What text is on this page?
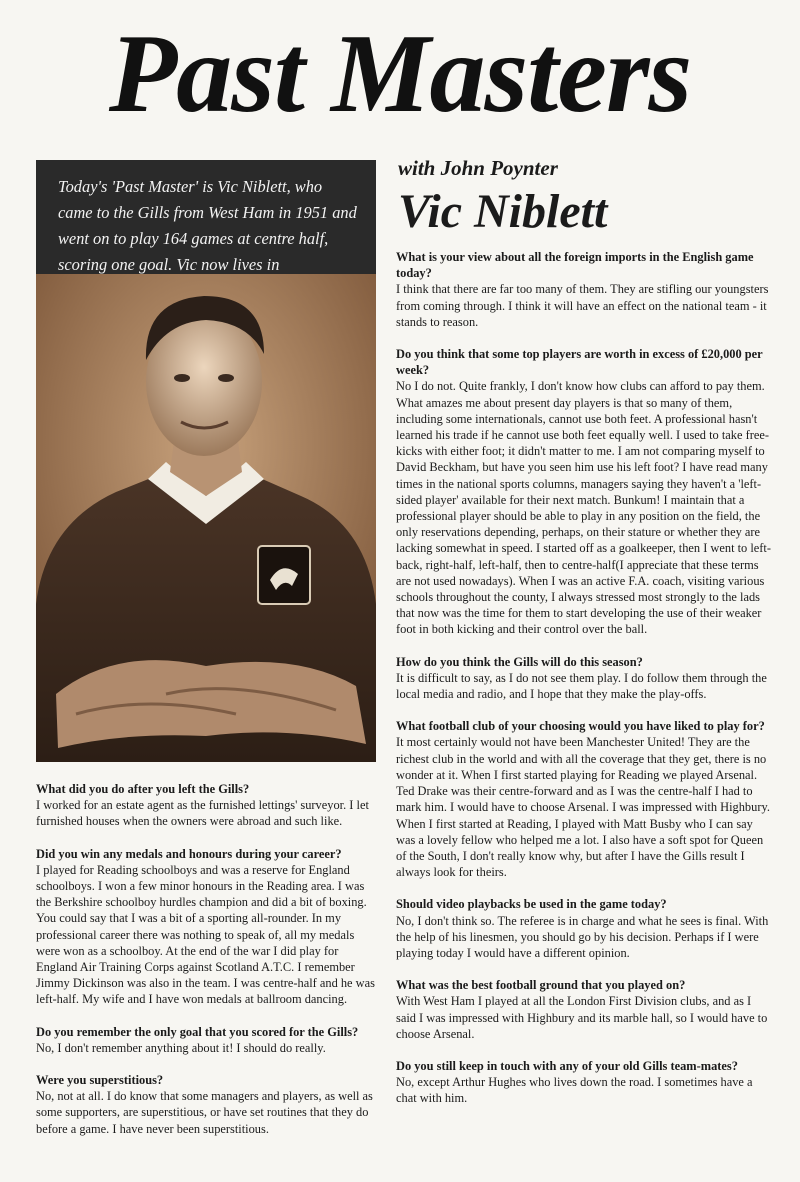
Past Masters
Today's 'Past Master' is Vic Niblett, who came to the Gills from West Ham in 1951 and went on to play 164 games at centre half, scoring one goal. Vic now lives in
with John Poynter
Vic Niblett

What is your view about all the foreign imports in the English game today?

I think that there are far too many of them. They are stifling our youngsters from coming through. I think it will have an effect on the national team - it stands to reason.

Do you think that some top players are worth in excess of £20,000 per week?

No I do not. Quite frankly, I don't know how clubs can afford to pay them. What amazes me about present day players is that so many of them, including some internationals, cannot use both feet. A professional hasn't learned his trade if he cannot use both feet equally well. I used to take free-kicks with either foot; it didn't matter to me. I am not comparing myself to David Beckham, but have you seen him use his left foot? I have read many times in the national sports columns, managers saying they haven't a 'left-sided player' available for their next match. Bunkum! I maintain that a professional player should be able to play in any position on the field, the only reservations depending, perhaps, on their stature or whether they are lacking somewhat in speed. I started off as a goalkeeper, then I went to left-back, right-half, left-half, then to centre-half(I appreciate that these terms are not used nowadays). When I was an active F.A. coach, visiting various schools throughout the county, I always stressed most strongly to the lads that now was the time for them to start developing the use of their weaker foot in both kicking and their control over the ball.

How do you think the Gills will do this season?

It is difficult to say, as I do not see them play. I do follow them through the local media and radio, and I hope that they make the play-offs.

What football club of your choosing would you have liked to play for?

It most certainly would not have been Manchester United! They are the richest club in the world and with all the coverage that they get, there is no wonder at it. When I first started playing for Reading we played Arsenal. Ted Drake was their centre-forward and as I was the centre-half I had to mark him. I would have to choose Arsenal. I was impressed with Highbury. When I first started at Reading, I played with Matt Busby who I can say was a lovely fellow who helped me a lot. I also have a soft spot for Queen of the South, I don't really know why, but after I have the Gills result I always look for theirs.

Should video playbacks be used in the game today?

No, I don't think so. The referee is in charge and what he sees is final. With the help of his linesmen, you should go by his decision. Perhaps if I were playing today I would have a different opinion.

What was the best football ground that you played on?

With West Ham I played at all the London First Division clubs, and as I said I was impressed with Highbury and its marble hall, so I would have to choose Arsenal.

Do you still keep in touch with any of your old Gills team-mates?

No, except Arthur Hughes who lives down the road. I sometimes have a chat with him.

What did you do after you left the Gills?

I worked for an estate agent as the furnished lettings' surveyor. I let furnished houses when the owners were abroad and such like.

Did you win any medals and honours during your career?

I played for Reading schoolboys and was a reserve for England schoolboys. I won a few minor honours in the Reading area. I was the Berkshire schoolboy hurdles champion and did a bit of boxing. You could say that I was a bit of a sporting all-rounder. In my professional career there was nothing to speak of, all my medals were won as a schoolboy. At the end of the war I did play for England Air Training Corps against Scotland A.T.C. I remember Jimmy Dickinson was also in the team. I was centre-half and he was left-half. My wife and I have won medals at ballroom dancing.

Do you remember the only goal that you scored for the Gills?

No, I don't remember anything about it! I should do really.

Were you superstitious?

No, not at all. I do know that some managers and players, as well as some supporters, are superstitious, or have set routines that they do before a game. I have never been superstitious.
